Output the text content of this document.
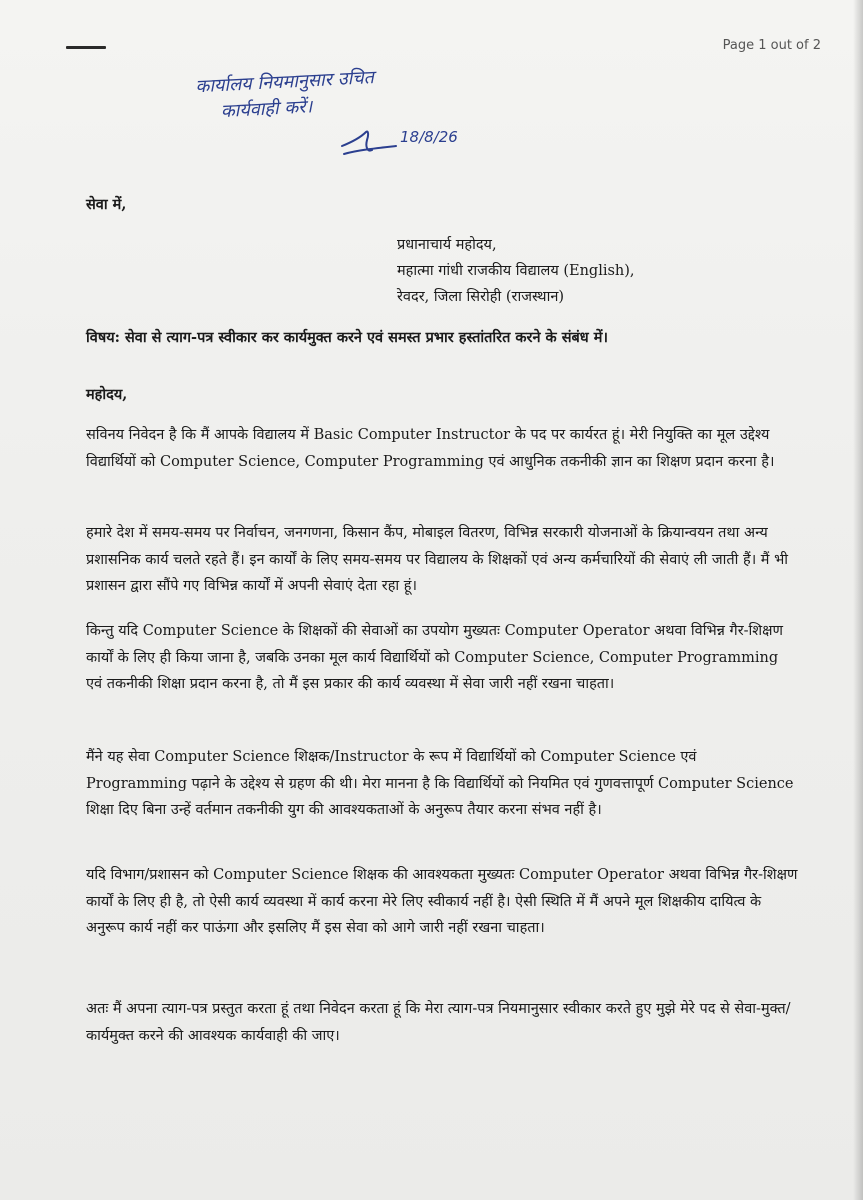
Page 1 out of 2
कार्यालय नियमानुसार उचित
कार्यवाही करें।
18/8/26
सेवा में,
प्रधानाचार्य महोदय,
महात्मा गांधी राजकीय विद्यालय (English),
रेवदर, जिला सिरोही (राजस्थान)
विषय: सेवा से त्याग-पत्र स्वीकार कर कार्यमुक्त करने एवं समस्त प्रभार हस्तांतरित करने के संबंध में।
महोदय,

सविनय निवेदन है कि मैं आपके विद्यालय में Basic Computer Instructor के पद पर कार्यरत हूं। मेरी नियुक्ति का मूल उद्देश्य विद्यार्थियों को Computer Science, Computer Programming एवं आधुनिक तकनीकी ज्ञान का शिक्षण प्रदान करना है।

हमारे देश में समय-समय पर निर्वाचन, जनगणना, किसान कैंप, मोबाइल वितरण, विभिन्न सरकारी योजनाओं के क्रियान्वयन तथा अन्य प्रशासनिक कार्य चलते रहते हैं। इन कार्यों के लिए समय-समय पर विद्यालय के शिक्षकों एवं अन्य कर्मचारियों की सेवाएं ली जाती हैं। मैं भी प्रशासन द्वारा सौंपे गए विभिन्न कार्यों में अपनी सेवाएं देता रहा हूं।

किन्तु यदि Computer Science के शिक्षकों की सेवाओं का उपयोग मुख्यतः Computer Operator अथवा विभिन्न गैर-शिक्षण कार्यों के लिए ही किया जाना है, जबकि उनका मूल कार्य विद्यार्थियों को Computer Science, Computer Programming एवं तकनीकी शिक्षा प्रदान करना है, तो मैं इस प्रकार की कार्य व्यवस्था में सेवा जारी नहीं रखना चाहता।

मैंने यह सेवा Computer Science शिक्षक/Instructor के रूप में विद्यार्थियों को Computer Science एवं Programming पढ़ाने के उद्देश्य से ग्रहण की थी। मेरा मानना है कि विद्यार्थियों को नियमित एवं गुणवत्तापूर्ण Computer Science शिक्षा दिए बिना उन्हें वर्तमान तकनीकी युग की आवश्यकताओं के अनुरूप तैयार करना संभव नहीं है।

यदि विभाग/प्रशासन को Computer Science शिक्षक की आवश्यकता मुख्यतः Computer Operator अथवा विभिन्न गैर-शिक्षण कार्यों के लिए ही है, तो ऐसी कार्य व्यवस्था में कार्य करना मेरे लिए स्वीकार्य नहीं है। ऐसी स्थिति में मैं अपने मूल शिक्षकीय दायित्व के अनुरूप कार्य नहीं कर पाऊंगा और इसलिए मैं इस सेवा को आगे जारी नहीं रखना चाहता।

अतः मैं अपना त्याग-पत्र प्रस्तुत करता हूं तथा निवेदन करता हूं कि मेरा त्याग-पत्र नियमानुसार स्वीकार करते हुए मुझे मेरे पद से सेवा-मुक्त/कार्यमुक्त करने की आवश्यक कार्यवाही की जाए।
